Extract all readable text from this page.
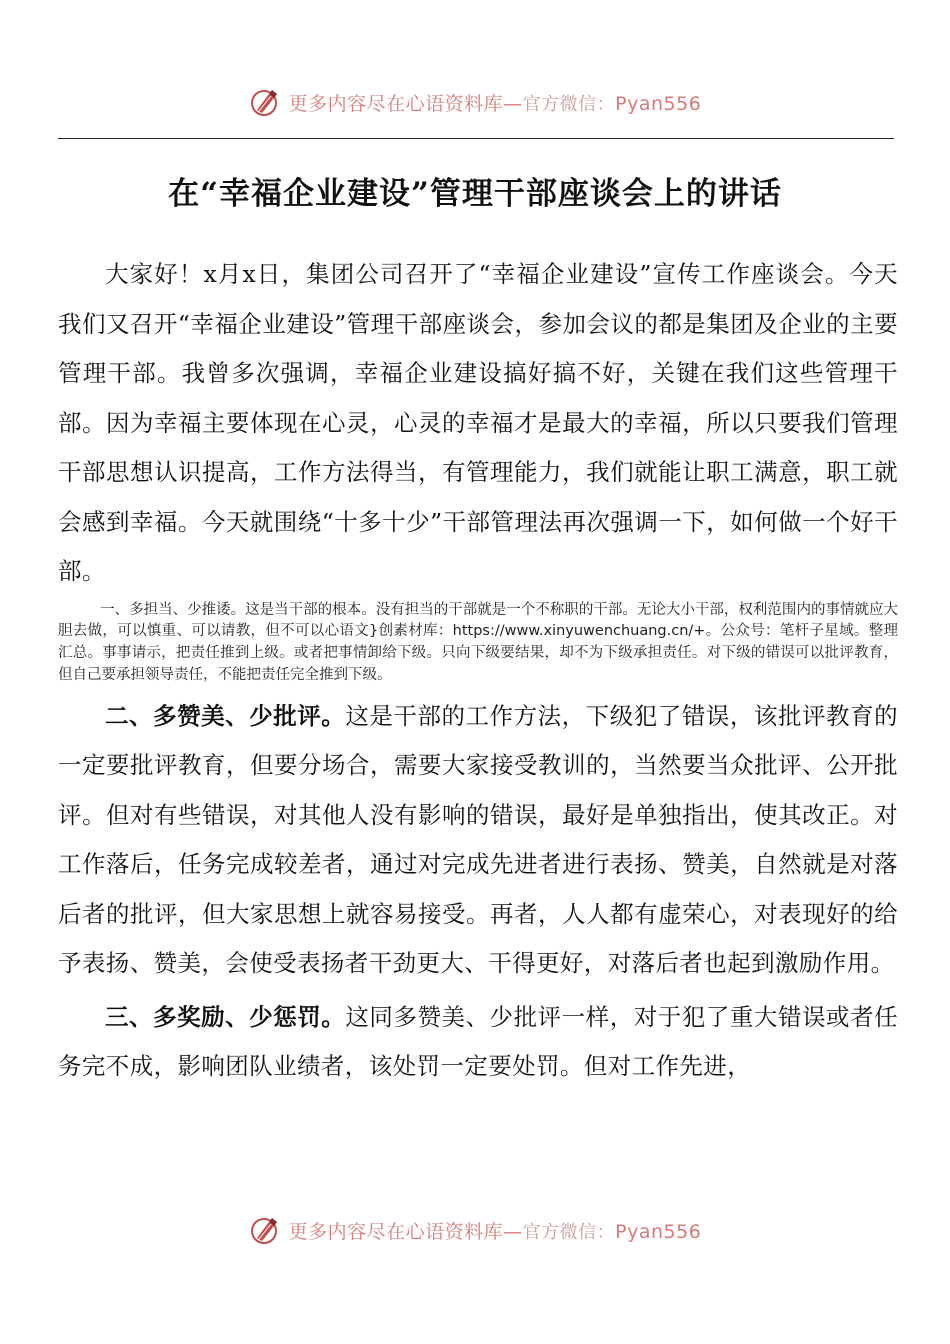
更多内容尽在心语资料库—官方微信：Pyan556
在“幸福企业建设”管理干部座谈会上的讲话

大家好！x月x日，集团公司召开了“幸福企业建设”宣传工作座谈会。今天我们又召开“幸福企业建设”管理干部座谈会，参加会议的都是集团及企业的主要管理干部。我曾多次强调，幸福企业建设搞好搞不好，关键在我们这些管理干部。因为幸福主要体现在心灵，心灵的幸福才是最大的幸福，所以只要我们管理干部思想认识提高，工作方法得当，有管理能力，我们就能让职工满意，职工就会感到幸福。今天就围绕“十多十少”干部管理法再次强调一下，如何做一个好干部。

一、多担当、少推诿。这是当干部的根本。没有担当的干部就是一个不称职的干部。无论大小干部，权利范围内的事情就应大胆去做，可以慎重、可以请教，但不可以心语文}创素材库：https://www.xinyuwenchuang.cn/+。公众号：笔杆子星域。整理汇总。事事请示，把责任推到上级。或者把事情卸给下级。只向下级要结果，却不为下级承担责任。对下级的错误可以批评教育，但自己要承担领导责任，不能把责任完全推到下级。

二、多赞美、少批评。这是干部的工作方法，下级犯了错误，该批评教育的一定要批评教育，但要分场合，需要大家接受教训的，当然要当众批评、公开批评。但对有些错误，对其他人没有影响的错误，最好是单独指出，使其改正。对工作落后，任务完成较差者，通过对完成先进者进行表扬、赞美，自然就是对落后者的批评，但大家思想上就容易接受。再者，人人都有虚荣心，对表现好的给予表扬、赞美，会使受表扬者干劲更大、干得更好，对落后者也起到激励作用。

三、多奖励、少惩罚。这同多赞美、少批评一样，对于犯了重大错误或者任务完不成，影响团队业绩者，该处罚一定要处罚。但对工作先进，

更多内容尽在心语资料库—官方微信：Pyan556
